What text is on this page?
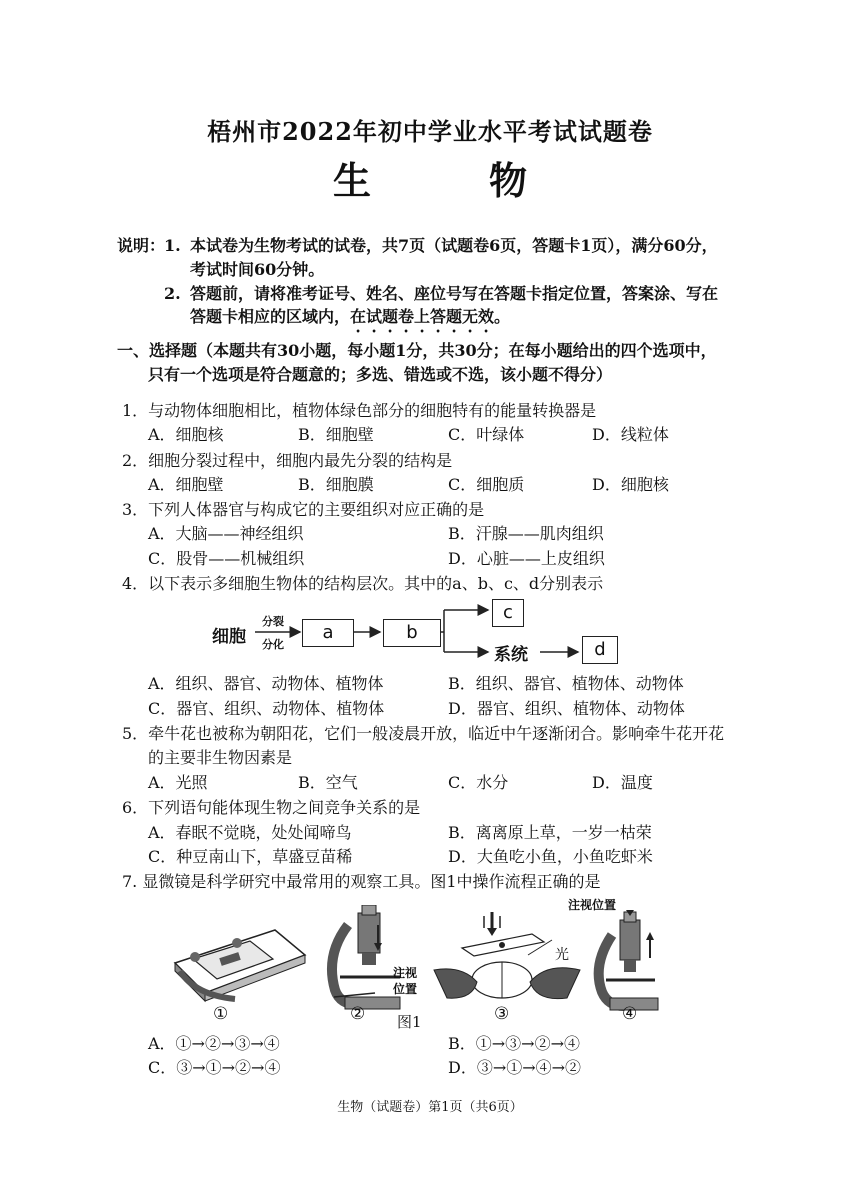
梧州市2022年初中学业水平考试试题卷
生　物
说明：
1. 本试卷为生物考试的试卷，共7页（试题卷6页，答题卡1页），满分60分，
考试时间60分钟。
2. 答题前，请将准考证号、姓名、座位号写在答题卡指定位置，答案涂、写在
答题卡相应的区域内，在试题卷上答题无效。
一、选择题（本题共有30小题，每小题1分，共30分；在每小题给出的四个选项中，
只有一个选项是符合题意的；多选、错选或不选，该小题不得分）
1．与动物体细胞相比，植物体绿色部分的细胞特有的能量转换器是
A．细胞核	B．细胞壁	C．叶绿体	D．线粒体
2．细胞分裂过程中，细胞内最先分裂的结构是
A．细胞壁	B．细胞膜	C．细胞质	D．细胞核
3．下列人体器官与构成它的主要组织对应正确的是
A．大脑——神经组织	B．汗腺——肌肉组织
C．股骨——机械组织	D．心脏——上皮组织
4．以下表示多细胞生物体的结构层次。其中的a、b、c、d分别表示
细胞
分裂
分化
a	b
c
系统	d
A．组织、器官、动物体、植物体	B．组织、器官、植物体、动物体
C．器官、组织、动物体、植物体	D．器官、组织、植物体、动物体
5．牵牛花也被称为朝阳花，它们一般凌晨开放，临近中午逐渐闭合。影响牵牛花开花
的主要非生物因素是
A．光照	B．空气	C．水分	D．温度
6．下列语句能体现生物之间竞争关系的是
A．春眠不觉晓，处处闻啼鸟	B．离离原上草，一岁一枯荣
C．种豆南山下，草盛豆苗稀	D．大鱼吃小鱼，小鱼吃虾米
7. 显微镜是科学研究中最常用的观察工具。图1中操作流程正确的是
①
注视
位置
② 图1
光
③
注视位置
④
A．①→②→③→④	B．①→③→②→④
C．③→①→②→④	D．③→①→④→②
生物（试题卷）第1页（共6页）
